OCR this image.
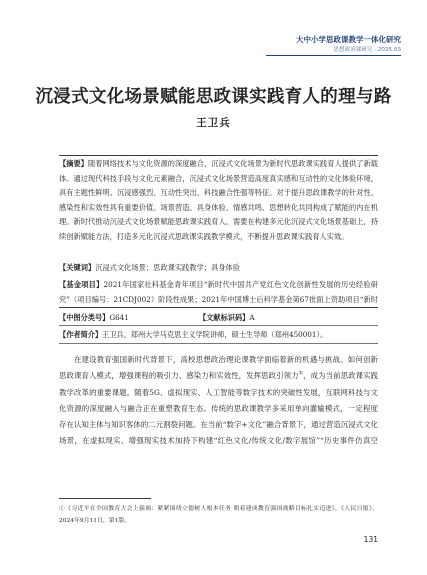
大中小学思政课教学一体化研究
思想政治课研究 · 2025.03
沉浸式文化场景赋能思政课实践育人的理与路
王卫兵
【摘要】随着网络技术与文化资源的深度融合，沉浸式文化场景为新时代思政课实践育人提供了新载体。通过现代科技手段与文化元素融合，沉浸式文化场景营造高度真实感和互动性的文化体验环境，具有主题性鲜明、沉浸感强烈、互动性突出、科技融合性强等特征。对于提升思政课教学的针对性、感染性和实效性具有重要价值。场景营造、具身体验、情感共鸣、思想转化共同构成了赋能的内在机理。新时代推动沉浸式文化场景赋能思政课实践育人，需要在构建多元化沉浸式文化场景基础上，持续创新赋能方法，打造多元化沉浸式思政课实践教学模式，不断提升思政课实践育人实效。
【关键词】沉浸式文化场景；思政课实践教学；具身体验
【基金项目】2021年国家社科基金青年项目“新时代中国共产党红色文化创新性发展的历史经验研究”（项目编号：21CDJ002）阶段性成果；2021年中国博士后科学基金第67批面上资助项目“新时
【中图分类号】G641	【文献标识码】A
【作者简介】王卫兵，郑州大学马克思主义学院讲师，硕士生导师（郑州450001）。
在建设教育强国新时代背景下，高校思想政治理论课教学面临着新的机遇与挑战。如何创新思政课育人模式，增强课程的吸引力、感染力和实效性，发挥思政引领力①，成为当前思政课实践教学改革的重要课题。随着5G、虚拟现实、人工智能等数字技术的突破性发展，互联网科技与文化资源的深度融入与融合正在重塑教育生态。传统的思政课教学多采用单向灌输模式，一定程度存在认知主体与知识客体的二元割裂问题。在当前“数字+文化”融合背景下，通过营造沉浸式文化场景，在虚拟现实、增强现实技术加持下构建“红色文化/传统文化/数字展馆”“历史事件仿真空
①《习近平在全国教育大会上强调：紧紧围绕立德树人根本任务 朝着建成教育强国战略目标扎实迈进》，《人民日报》，2024年9月11日，第1版。
131
